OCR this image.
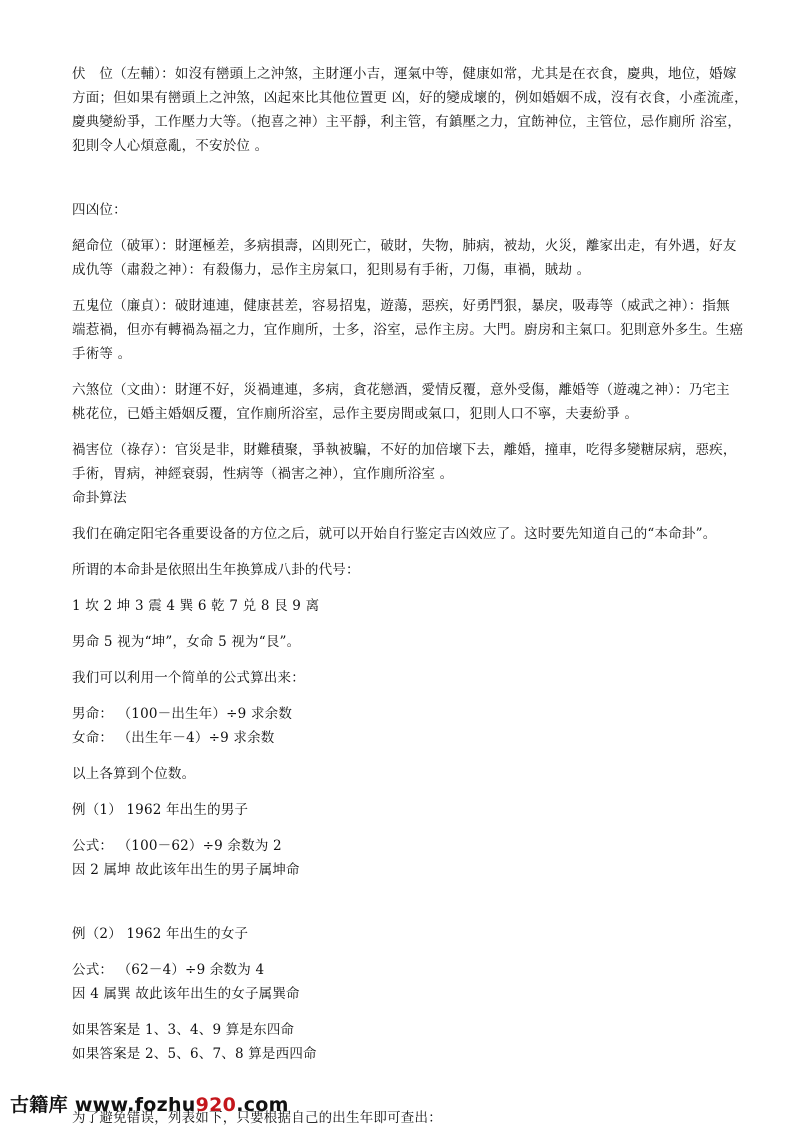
伏　位（左輔）：如沒有巒頭上之沖煞，主財運小吉，運氣中等，健康如常，尤其是在衣食，慶典，地位，婚嫁
方面；但如果有巒頭上之沖煞，凶起來比其他位置更 凶，好的變成壞的，例如婚姻不成，沒有衣食，小產流產，
慶典變紛爭，工作壓力大等。（抱喜之神）主平靜，利主管，有鎮壓之力，宜飭神位，主管位，忌作廁所 浴室，
犯則令人心煩意亂，不安於位 。
四凶位：
絕命位（破軍）：財運極差，多病損壽，凶則死亡，破財，失物，肺病，被劫，火災，離家出走，有外遇，好友
成仇等（肅殺之神）：有殺傷力，忌作主房氣口，犯則易有手術，刀傷，車禍，賊劫 。
五鬼位（廉貞）：破財連連，健康甚差，容易招鬼，遊蕩，惡疾，好勇鬥狠，暴戾，吸毒等（威武之神）：指無
端惹禍，但亦有轉禍為福之力，宜作廁所，士多，浴室，忌作主房。大門。廚房和主氣口。犯則意外多生。生癌
手術等 。
六煞位（文曲）：財運不好，災禍連連，多病，貪花戀酒，愛情反覆，意外受傷，離婚等（遊魂之神）：乃宅主
桃花位，已婚主婚姻反覆，宜作廁所浴室，忌作主要房間或氣口，犯則人口不寧，夫妻紛爭 。
禍害位（祿存）：官災是非，財難積聚，爭執被騙，不好的加倍壞下去，離婚，撞車，吃得多變糖尿病，惡疾，
手術，胃病，神經衰弱，性病等（禍害之神），宜作廁所浴室 。
命卦算法
我们在确定阳宅各重要设备的方位之后，就可以开始自行鉴定吉凶效应了。这时要先知道自己的“本命卦”。
所谓的本命卦是依照出生年换算成八卦的代号：
1 坎 2 坤 3 震 4 巽 6 乾 7 兑 8 艮 9 离
男命 5 视为“坤”，女命 5 视为“艮”。
我们可以利用一个简单的公式算出来：
男命： （100－出生年）÷9 求余数
女命： （出生年－4）÷9 求余数
以上各算到个位数。
例（1） 1962 年出生的男子
公式： （100－62）÷9 余数为 2
因 2 属坤 故此该年出生的男子属坤命
例（2） 1962 年出生的女子
公式： （62－4）÷9 余数为 4
因 4 属巽 故此该年出生的女子属巽命
如果答案是 1、3、4、9 算是东四命
如果答案是 2、5、6、7、8 算是西四命
为了避免错误，列表如下，只要根据自己的出生年即可查出：
古籍库 www.fozhu920.com
